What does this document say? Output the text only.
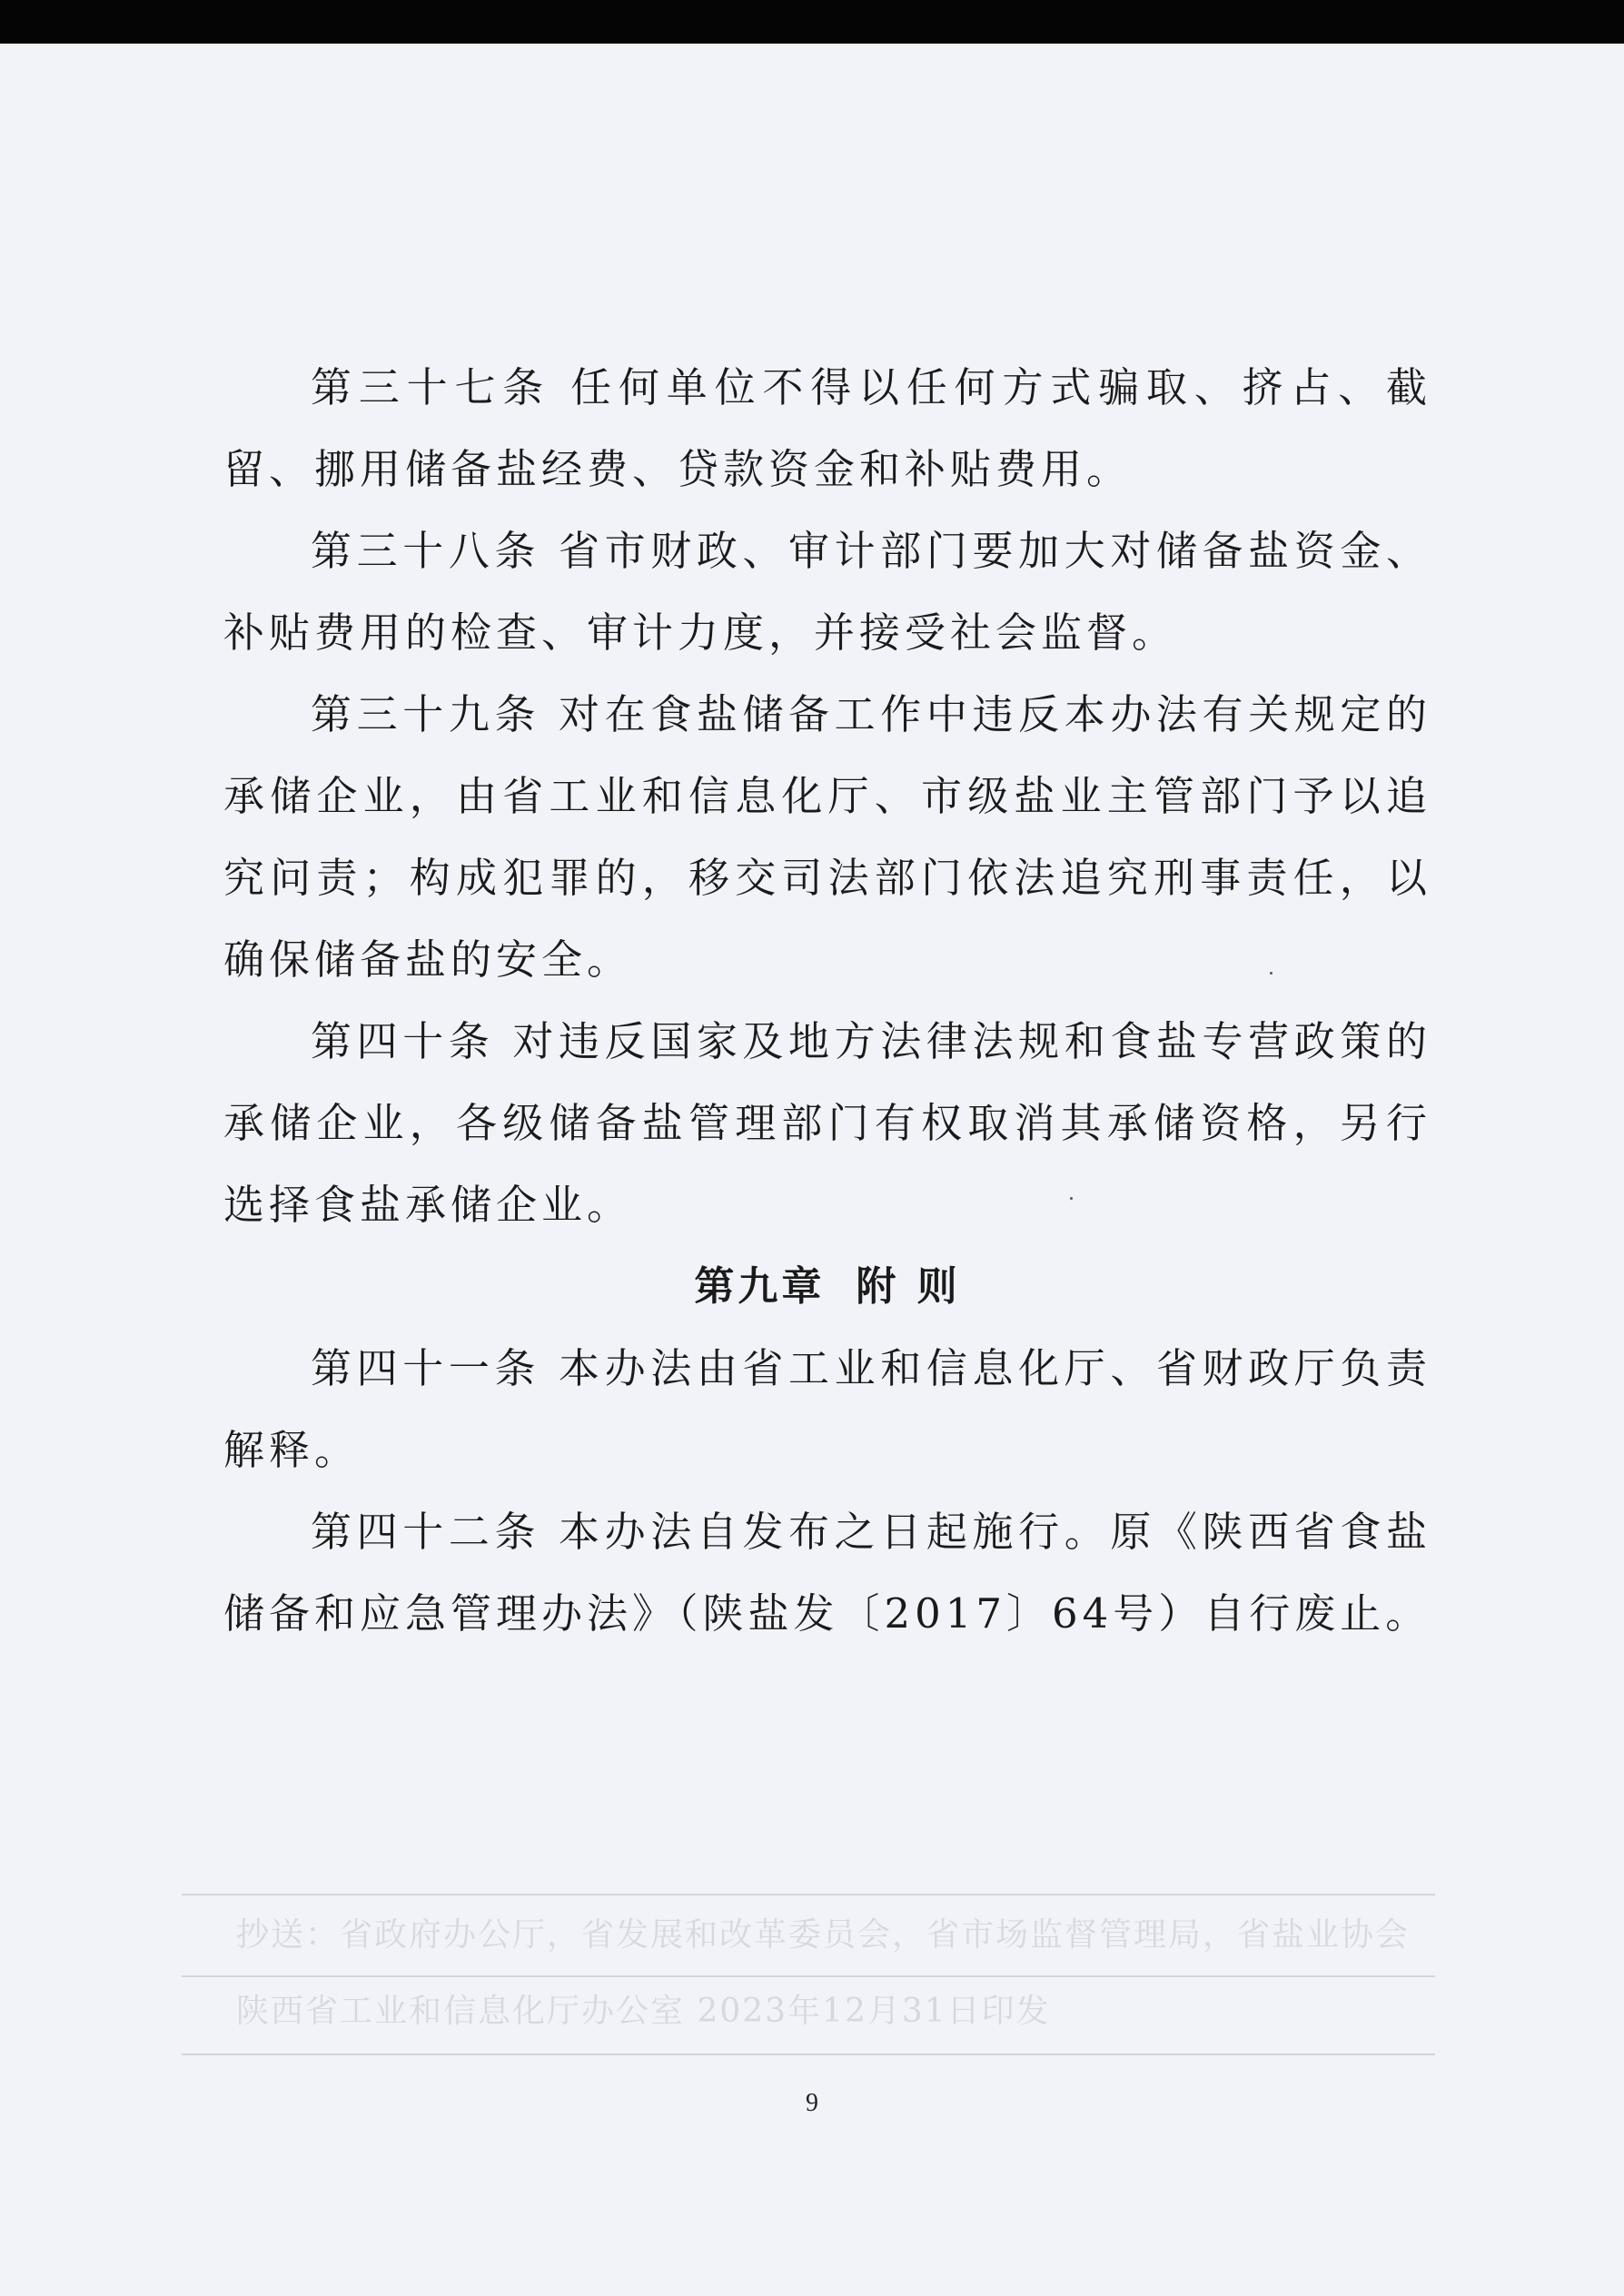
第三十七条 任何单位不得以任何方式骗取、挤占、截留、挪用储备盐经费、贷款资金和补贴费用。

第三十八条 省市财政、审计部门要加大对储备盐资金、补贴费用的检查、审计力度，并接受社会监督。

第三十九条 对在食盐储备工作中违反本办法有关规定的承储企业，由省工业和信息化厅、市级盐业主管部门予以追究问责；构成犯罪的，移交司法部门依法追究刑事责任，以确保储备盐的安全。

第四十条 对违反国家及地方法律法规和食盐专营政策的承储企业，各级储备盐管理部门有权取消其承储资格，另行选择食盐承储企业。

第九章 附 则

第四十一条 本办法由省工业和信息化厅、省财政厅负责解释。

第四十二条 本办法自发布之日起施行。原《陕西省食盐储备和应急管理办法》（陕盐发〔2017〕64号）自行废止。

抄送：省政府办公厅，省发展和改革委员会，省市场监督管理局，省盐业协会
陕西省工业和信息化厅办公室 2023年12月31日印发
9
